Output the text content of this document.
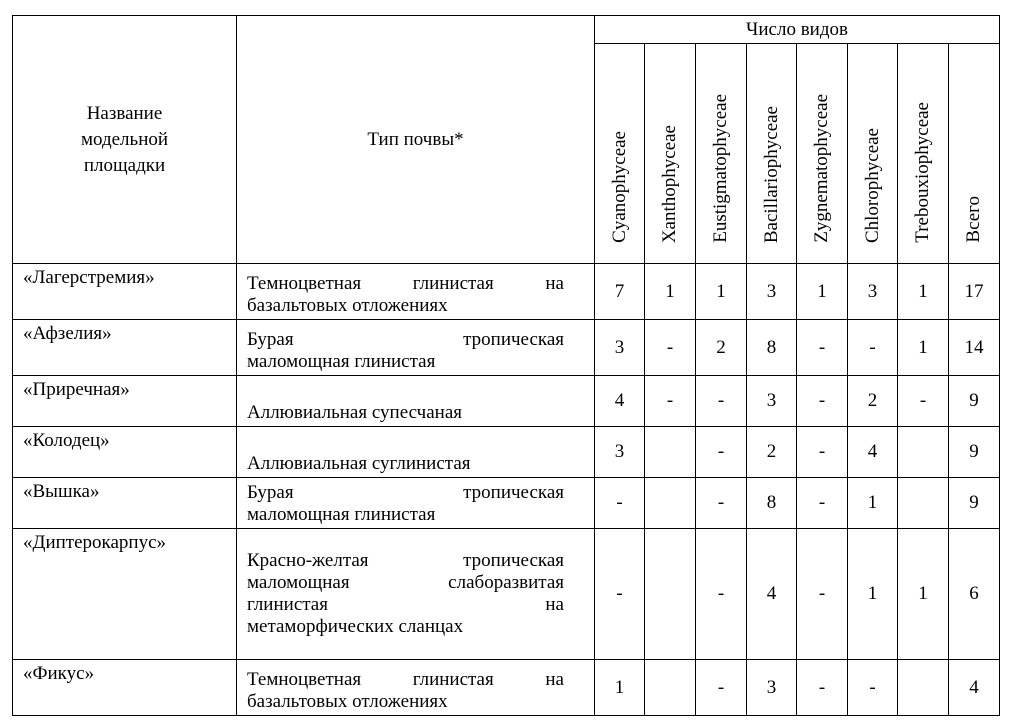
Название модельной площадки	Тип почвы*	Число видов							
		Cyanophyceae	Xanthophyceae	Eustigmatophyceae	Bacillariophyceae	Zygnematophyceae	Chlorophyceae	Trebouxiophyceae	Всего
«Лагерстремия»	Темноцветная глинистая на
базальтовых отложениях	7	1	1	3	1	3	1	17
«Афзелия»	Бурая тропическая
маломощная глинистая	3	-	2	8	-	-	1	14
«Приречная»	Аллювиальная супесчаная	4	-	-	3	-	2	-	9
«Колодец»	Аллювиальная суглинистая	3		-	2	-	4		9
«Вышка»	Бурая тропическая
маломощная глинистая	-		-	8	-	1		9
«Диптерокарпус»	Красно-желтая тропическая
маломощная слаборазвитая
глинистая на
метаморфических сланцах	-		-	4	-	1	1	6
«Фикус»	Темноцветная глинистая на
базальтовых отложениях	1		-	3	-	-		4
